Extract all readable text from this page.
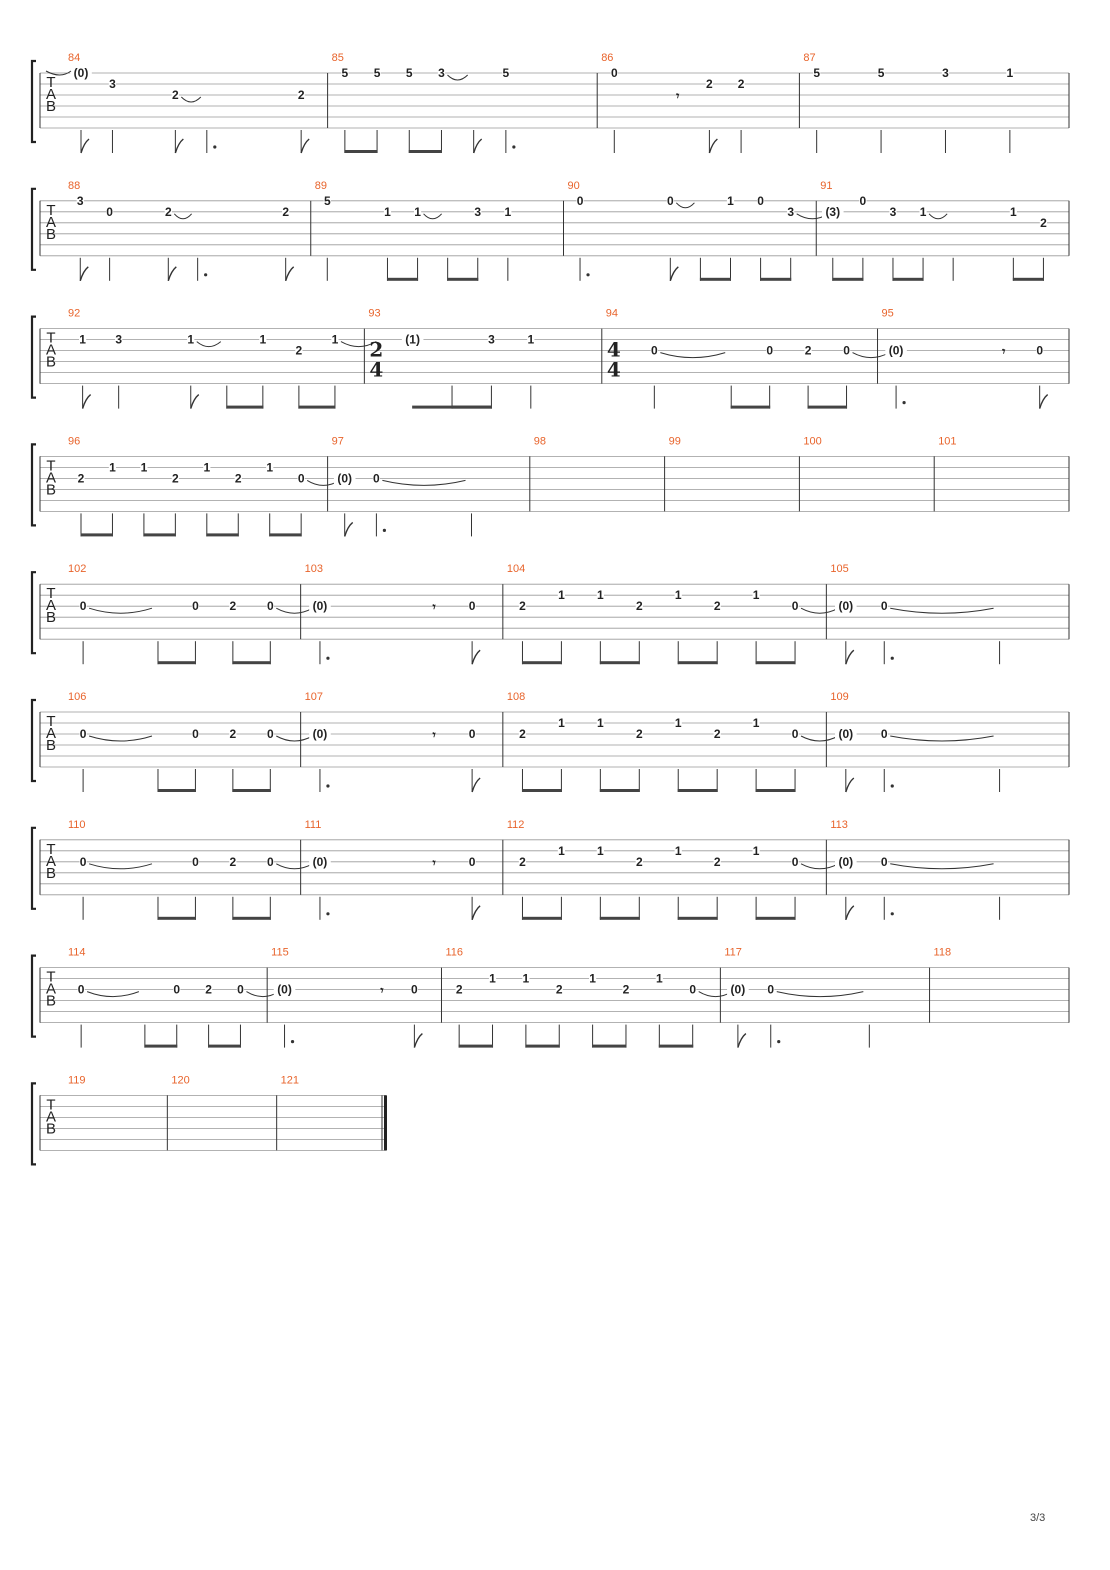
T
A
B
84
(0)
3
2	2
85
5 5 5 3	5
86
0
𝄾
2 2
87
5	5	3	1
T
A
B
88
3
0	2	2
89
5
1 1	3 1
90
0	0	1 0
3
91
(3)
0
3 1	1
2
T
A
B
92
1 3	1	1
2
1
93
2
4
(1)	3	1
94
4
4
0	0	2	0
95
(0)	𝄾	0
T
A
B
96
2
1 1
2
1
2
1
0
97
(0) 0
98	99	100	101
T
A
B
102
0	0	2	0
103
(0)	𝄾	0
104
2
1	1
2
1
2
1
0
105
(0) 0
T
A
B
106
0	0	2	0
107
(0)	𝄾	0
108
2
1	1
2
1
2
1
0
109
(0) 0
T
A
B
110
0	0	2	0
111
(0)	𝄾	0
112
2
1	1
2
1
2
1
0
113
(0) 0
T
A
B
114
0	0 2 0
115
(0)	𝄾 0
116
2
1 1
2
1
2
1
0
117
(0) 0
118
T
A
B
119	120	121
3/3
